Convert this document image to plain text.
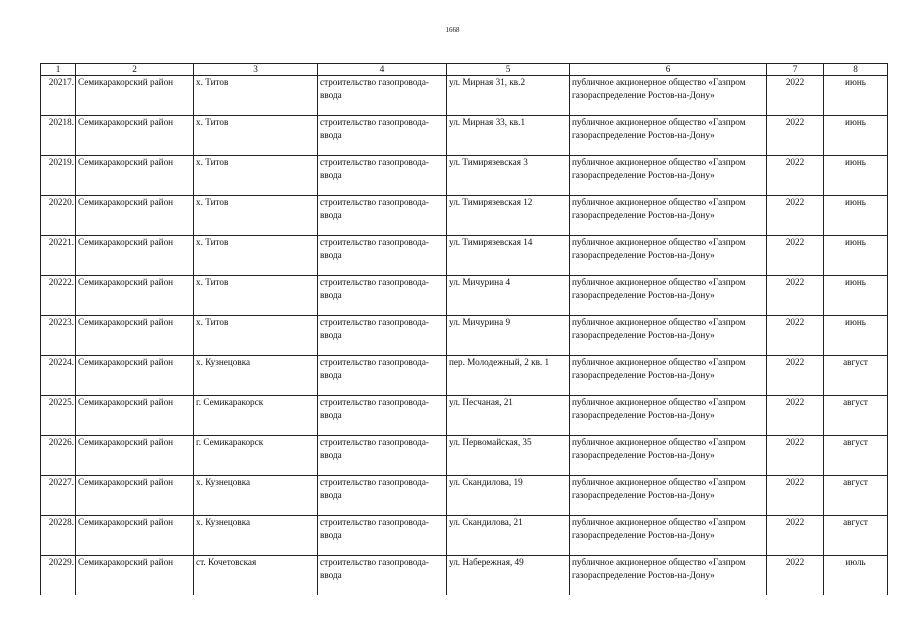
1668
1	2	3	4	5	6	7	8
20217.	Семикаракорский район	х. Титов	строительство газопровода-ввода	ул. Мирная 31, кв.2	публичное акционерное общество «Газпром газораспределение Ростов-на-Дону»	2022	июнь
20218.	Семикаракорский район	х. Титов	строительство газопровода-ввода	ул. Мирная 33, кв.1	публичное акционерное общество «Газпром газораспределение Ростов-на-Дону»	2022	июнь
20219.	Семикаракорский район	х. Титов	строительство газопровода-ввода	ул. Тимирязевская 3	публичное акционерное общество «Газпром газораспределение Ростов-на-Дону»	2022	июнь
20220.	Семикаракорский район	х. Титов	строительство газопровода-ввода	ул. Тимирязевская 12	публичное акционерное общество «Газпром газораспределение Ростов-на-Дону»	2022	июнь
20221.	Семикаракорский район	х. Титов	строительство газопровода-ввода	ул. Тимирязевская 14	публичное акционерное общество «Газпром газораспределение Ростов-на-Дону»	2022	июнь
20222.	Семикаракорский район	х. Титов	строительство газопровода-ввода	ул. Мичурина 4	публичное акционерное общество «Газпром газораспределение Ростов-на-Дону»	2022	июнь
20223.	Семикаракорский район	х. Титов	строительство газопровода-ввода	ул. Мичурина 9	публичное акционерное общество «Газпром газораспределение Ростов-на-Дону»	2022	июнь
20224.	Семикаракорский район	х. Кузнецовка	строительство газопровода-ввода	пер. Молодежный, 2 кв. 1	публичное акционерное общество «Газпром газораспределение Ростов-на-Дону»	2022	август
20225.	Семикаракорский район	г. Семикаракорск	строительство газопровода-ввода	ул. Песчаная, 21	публичное акционерное общество «Газпром газораспределение Ростов-на-Дону»	2022	август
20226.	Семикаракорский район	г. Семикаракорск	строительство газопровода-ввода	ул. Первомайская, 35	публичное акционерное общество «Газпром газораспределение Ростов-на-Дону»	2022	август
20227.	Семикаракорский район	х. Кузнецовка	строительство газопровода-ввода	ул. Скандилова, 19	публичное акционерное общество «Газпром газораспределение Ростов-на-Дону»	2022	август
20228.	Семикаракорский район	х. Кузнецовка	строительство газопровода-ввода	ул. Скандилова, 21	публичное акционерное общество «Газпром газораспределение Ростов-на-Дону»	2022	август
20229.	Семикаракорский район	ст. Кочетовская	строительство газопровода-ввода	ул. Набережная, 49	публичное акционерное общество «Газпром газораспределение Ростов-на-Дону»	2022	июль
